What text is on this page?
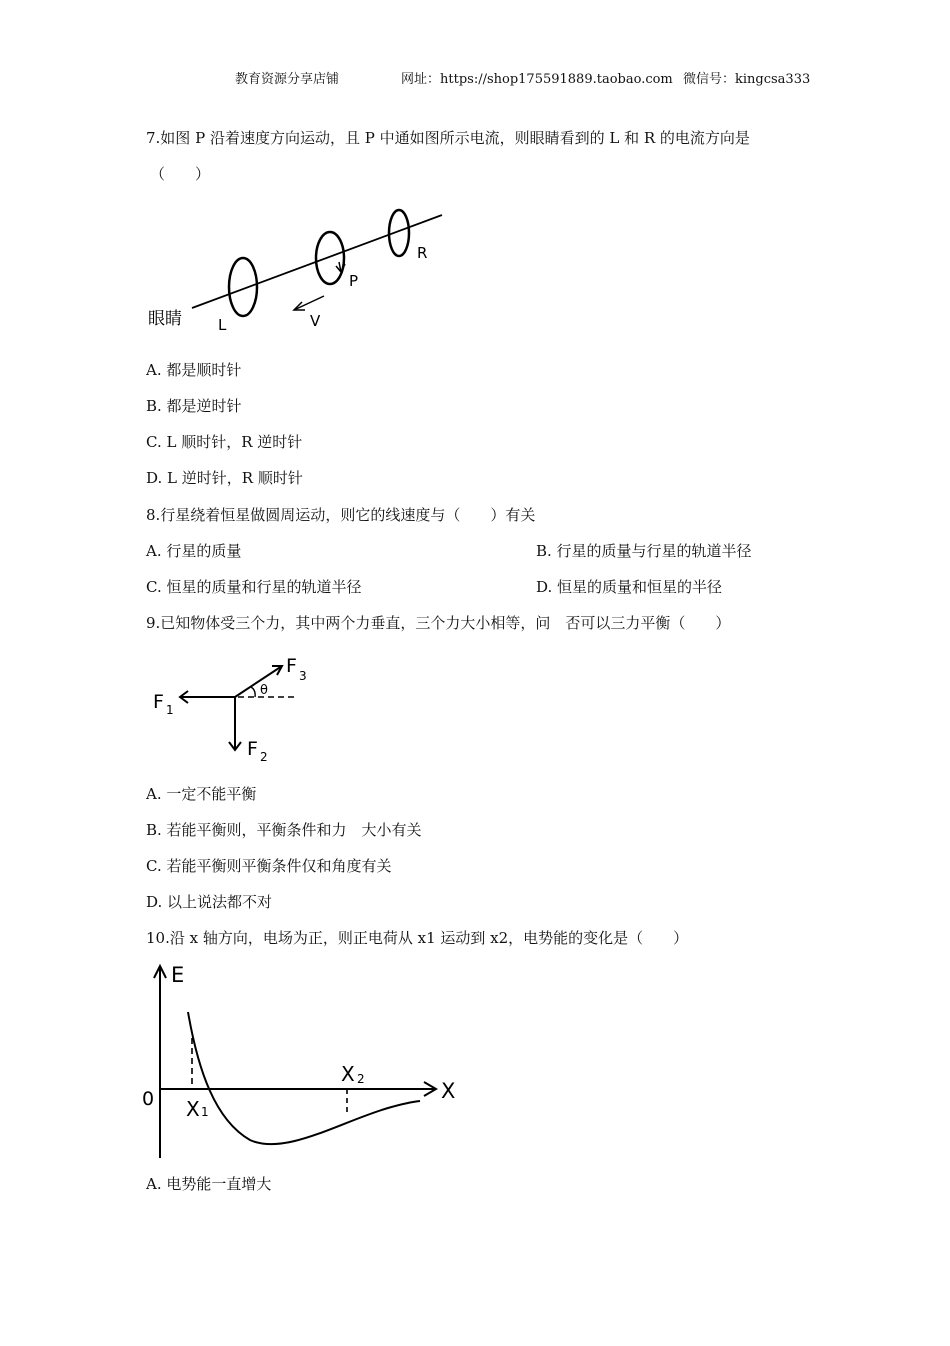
教育资源分享店铺	网址：https://shop175591889.taobao.com 微信号：kingcsa333
7.如图 P 沿着速度方向运动，且 P 中通如图所示电流，则眼睛看到的 L 和 R 的电流方向是
（　　）
眼睛 L
P
R
V
A. 都是顺时针
B. 都是逆时针
C. L 顺时针，R 逆时针
D. L 逆时针，R 顺时针
8.行星绕着恒星做圆周运动，则它的线速度与（　　）有关
A. 行星的质量	B. 行星的质量与行星的轨道半径
C. 恒星的质量和行星的轨道半径	D. 恒星的质量和恒星的半径
9.已知物体受三个力，其中两个力垂直，三个力大小相等，问　否可以三力平衡（　　）
θ
F 1
F 2
F 3
A. 一定不能平衡
B. 若能平衡则，平衡条件和力　大小有关
C. 若能平衡则平衡条件仅和角度有关
D. 以上说法都不对
10.沿 x 轴方向，电场为正，则正电荷从 x1 运动到 x2，电势能的变化是（　　）
E
0	X
X 1
X 2
A. 电势能一直增大
